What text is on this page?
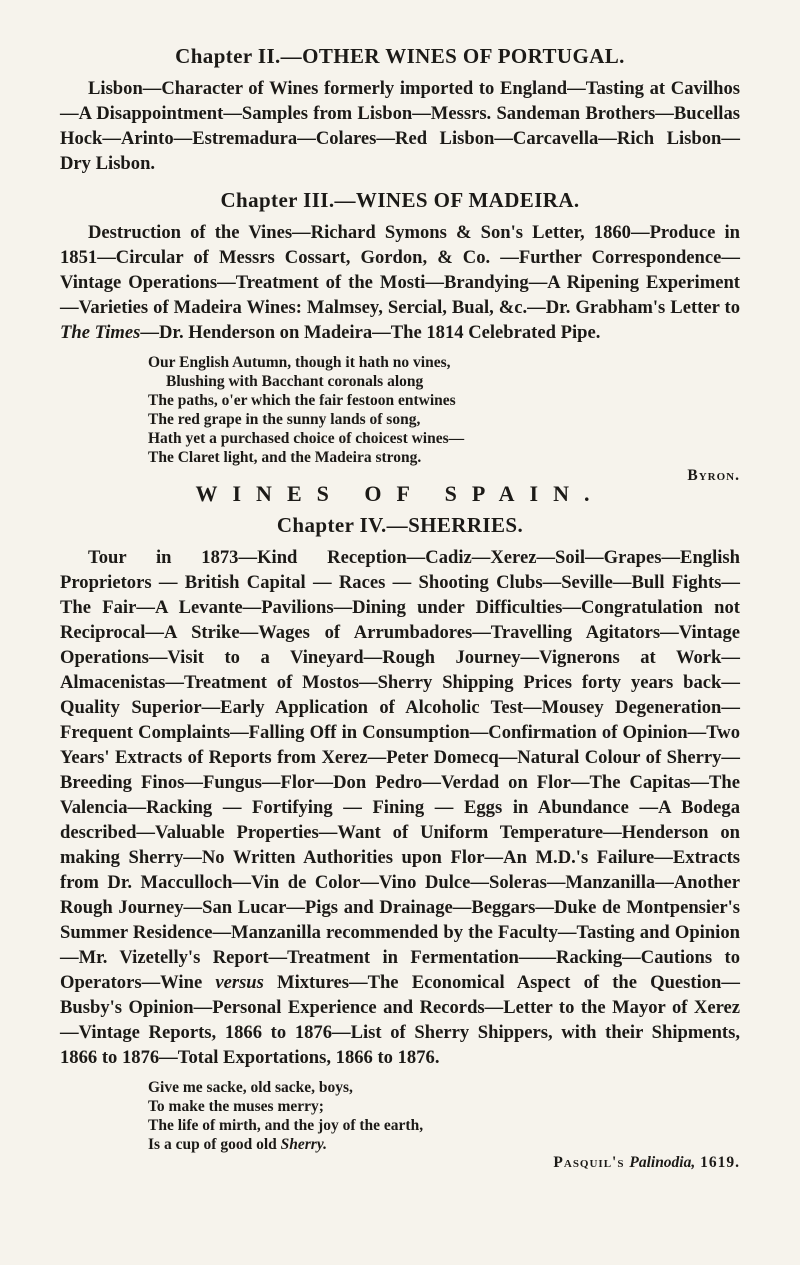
Chapter II.—OTHER WINES OF PORTUGAL.

Lisbon—Character of Wines formerly imported to England—Tasting at Cavilhos—A Disappointment—Samples from Lisbon—Messrs. Sandeman Brothers—Bucellas Hock—Arinto—Estremadura—Colares—Red Lisbon—Carcavella—Rich Lisbon—Dry Lisbon.

Chapter III.—WINES OF MADEIRA.

Destruction of the Vines—Richard Symons & Son's Letter, 1860—Produce in 1851—Circular of Messrs Cossart, Gordon, & Co. —Further Correspondence—Vintage Operations—Treatment of the Mosti—Brandying—A Ripening Experiment—Varieties of Madeira Wines: Malmsey, Sercial, Bual, &c.—Dr. Grabham's Letter to The Times—Dr. Henderson on Madeira—The 1814 Celebrated Pipe.

Our English Autumn, though it hath no vines,
Blushing with Bacchant coronals along
The paths, o'er which the fair festoon entwines
The red grape in the sunny lands of song,
Hath yet a purchased choice of choicest wines—
The Claret light, and the Madeira strong.
Byron.
WINES OF SPAIN.
Chapter IV.—SHERRIES.

Tour in 1873—Kind Reception—Cadiz—Xerez—Soil—Grapes—English Proprietors — British Capital — Races — Shooting Clubs—Seville—Bull Fights—The Fair—A Levante—Pavilions—Dining under Difficulties—Congratulation not Reciprocal—A Strike—Wages of Arrumbadores—Travelling Agitators—Vintage Operations—Visit to a Vineyard—Rough Journey—Vignerons at Work—Almacenistas—Treatment of Mostos—Sherry Shipping Prices forty years back—Quality Superior—Early Application of Alcoholic Test—Mousey Degeneration—Frequent Complaints—Falling Off in Consumption—Confirmation of Opinion—Two Years' Extracts of Reports from Xerez—Peter Domecq—Natural Colour of Sherry—Breeding Finos—Fungus—Flor—Don Pedro—Verdad on Flor—The Capitas—The Valencia—Racking — Fortifying — Fining — Eggs in Abundance —A Bodega described—Valuable Properties—Want of Uniform Temperature—Henderson on making Sherry—No Written Authorities upon Flor—An M.D.'s Failure—Extracts from Dr. Macculloch—Vin de Color—Vino Dulce—Soleras—Manzanilla—Another Rough Journey—San Lucar—Pigs and Drainage—Beggars—Duke de Montpensier's Summer Residence—Manzanilla recommended by the Faculty—Tasting and Opinion—Mr. Vizetelly's Report—Treatment in Fermentation——Racking—Cautions to Operators—Wine versus Mixtures—The Economical Aspect of the Question—Busby's Opinion—Personal Experience and Records—Letter to the Mayor of Xerez—Vintage Reports, 1866 to 1876—List of Sherry Shippers, with their Shipments, 1866 to 1876—Total Exportations, 1866 to 1876.

Give me sacke, old sacke, boys,
To make the muses merry;
The life of mirth, and the joy of the earth,
Is a cup of good old Sherry.
Pasquil's Palinodia, 1619.
